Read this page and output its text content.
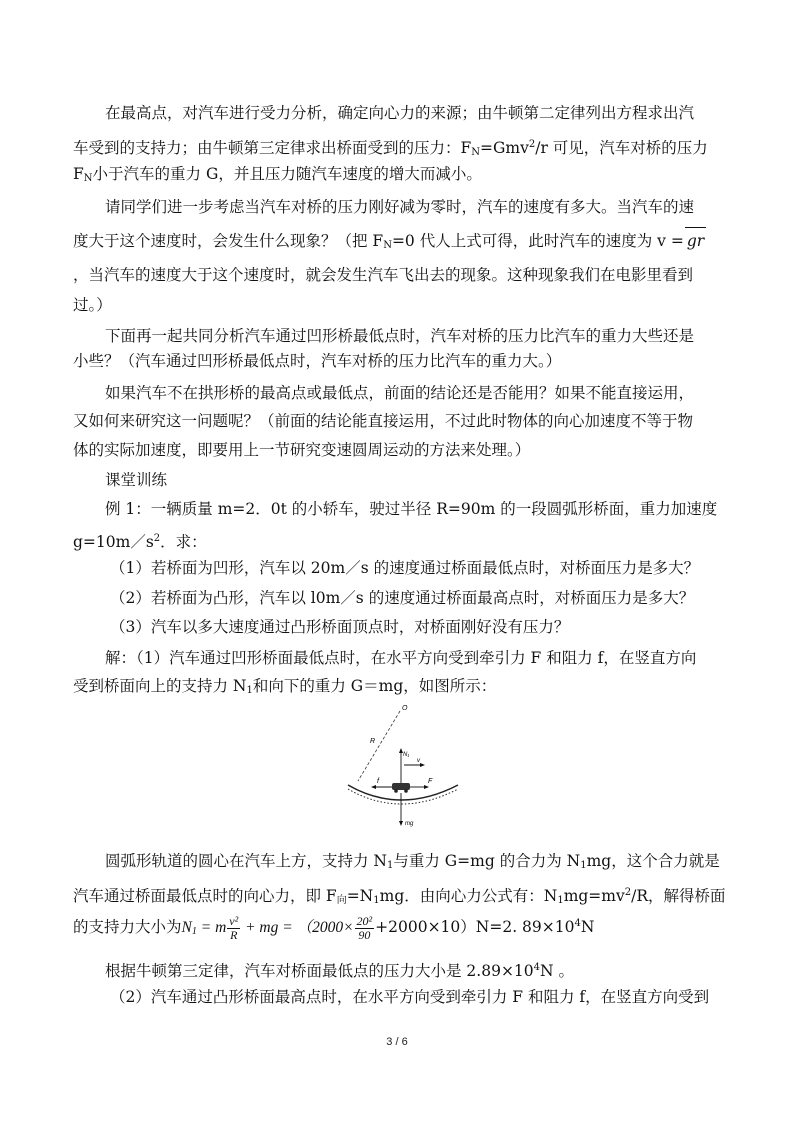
在最高点，对汽车进行受力分析，确定向心力的来源；由牛顿第二定律列出方程求出汽

车受到的支持力；由牛顿第三定律求出桥面受到的压力：$F_N=Gmv^2/r$ 可见，汽车对桥的压力

$F_N$小于汽车的重力 G，并且压力随汽车速度的增大而减小。

请同学们进一步考虑当汽车对桥的压力刚好减为零时，汽车的速度有多大。当汽车的速

度大于这个速度时，会发生什么现象？（把 $F_N=0$ 代人上式可得，此时汽车的速度为 v = gr

，当汽车的速度大于这个速度时，就会发生汽车飞出去的现象。这种现象我们在电影里看到

过。）

下面再一起共同分析汽车通过凹形桥最低点时，汽车对桥的压力比汽车的重力大些还是

小些？（汽车通过凹形桥最低点时，汽车对桥的压力比汽车的重力大。）

如果汽车不在拱形桥的最高点或最低点，前面的结论还是否能用？如果不能直接运用，

又如何来研究这一问题呢？（前面的结论能直接运用，不过此时物体的向心加速度不等于物

体的实际加速度，即要用上一节研究变速圆周运动的方法来处理。）

课堂训练

例 1：一辆质量 m=2．0t 的小轿车，驶过半径 R=90m 的一段圆弧形桥面，重力加速度

$g=10m/s^2$．求：

（1）若桥面为凹形，汽车以 20m／s 的速度通过桥面最低点时，对桥面压力是多大？

（2）若桥面为凸形，汽车以 l0m／s 的速度通过桥面最高点时，对桥面压力是多大？

（3）汽车以多大速度通过凸形桥面顶点时，对桥面刚好没有压力？

解：（1）汽车通过凹形桥面最低点时，在水平方向受到牵引力 F 和阻力 f，在竖直方向

受到桥面向上的支持力 $N_1$和向下的重力 G＝mg，如图所示：

O
R
N₁
v
f	F
mg

圆弧形轨道的圆心在汽车上方，支持力 $N_1$与重力 G=mg 的合力为 $N_1mg$，这个合力就是

汽车通过桥面最低点时的向心力，即 $F_向=N_1mg$．由向心力公式有：$N_1mg=mv^2/R$，解得桥面

的支持力大小为$N_1 = m \frac{\text{v²}}{R}$ + mg = $(2000\times \frac{\text{20²}}{90} +2000\times 10)N=2$. $89\times 10^4N$

根据牛顿第三定律，汽车对桥面最低点的压力大小是 $2.89\times 10^4N$ 。

（2）汽车通过凸形桥面最高点时，在水平方向受到牵引力 F 和阻力 f，在竖直方向受到

3 / 6
